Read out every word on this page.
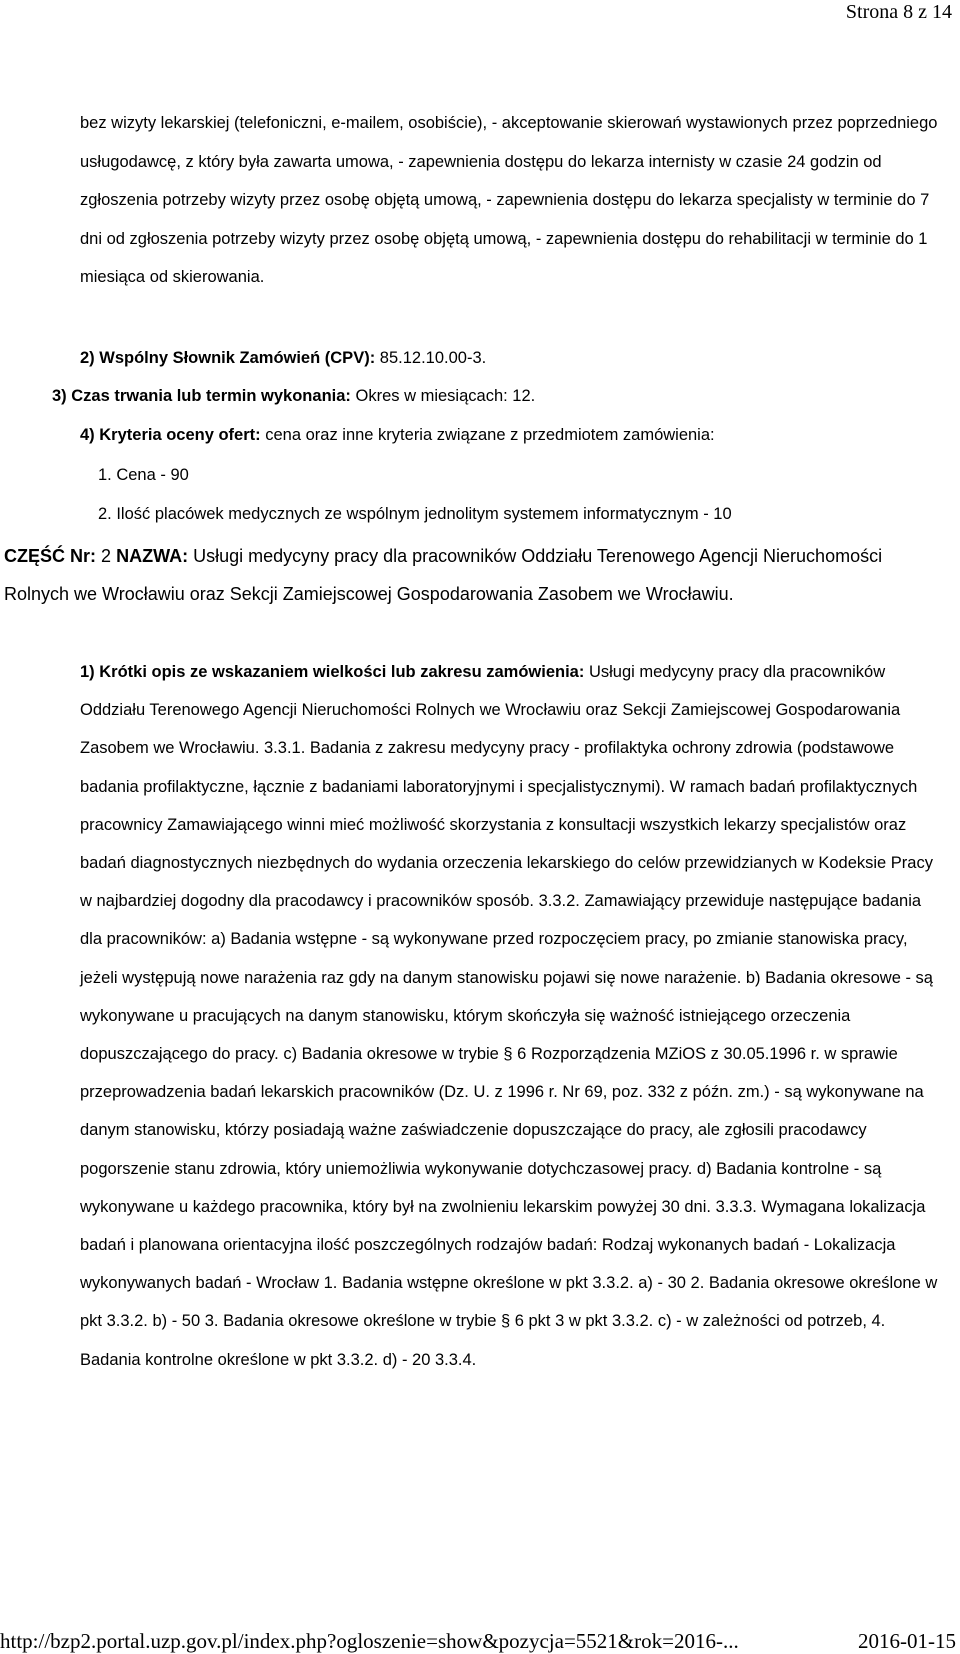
Strona 8 z 14
bez wizyty lekarskiej (telefoniczni, e-mailem, osobiście), - akceptowanie skierowań wystawionych przez poprzedniego usługodawcę, z który była zawarta umowa, - zapewnienia dostępu do lekarza internisty w czasie 24 godzin od zgłoszenia potrzeby wizyty przez osobę objętą umową, - zapewnienia dostępu do lekarza specjalisty w terminie do 7 dni od zgłoszenia potrzeby wizyty przez osobę objętą umową, - zapewnienia dostępu do rehabilitacji w terminie do 1 miesiąca od skierowania.
2) Wspólny Słownik Zamówień (CPV): 85.12.10.00-3.
3) Czas trwania lub termin wykonania: Okres w miesiącach: 12.
4) Kryteria oceny ofert: cena oraz inne kryteria związane z przedmiotem zamówienia:
1. Cena - 90
2. Ilość placówek medycznych ze wspólnym jednolitym systemem informatycznym - 10
CZĘŚĆ Nr: 2 NAZWA: Usługi medycyny pracy dla pracowników Oddziału Terenowego Agencji Nieruchomości Rolnych we Wrocławiu oraz Sekcji Zamiejscowej Gospodarowania Zasobem we Wrocławiu.
1) Krótki opis ze wskazaniem wielkości lub zakresu zamówienia: Usługi medycyny pracy dla pracowników Oddziału Terenowego Agencji Nieruchomości Rolnych we Wrocławiu oraz Sekcji Zamiejscowej Gospodarowania Zasobem we Wrocławiu. 3.3.1. Badania z zakresu medycyny pracy - profilaktyka ochrony zdrowia (podstawowe badania profilaktyczne, łącznie z badaniami laboratoryjnymi i specjalistycznymi). W ramach badań profilaktycznych pracownicy Zamawiającego winni mieć możliwość skorzystania z konsultacji wszystkich lekarzy specjalistów oraz badań diagnostycznych niezbędnych do wydania orzeczenia lekarskiego do celów przewidzianych w Kodeksie Pracy w najbardziej dogodny dla pracodawcy i pracowników sposób. 3.3.2. Zamawiający przewiduje następujące badania dla pracowników: a) Badania wstępne - są wykonywane przed rozpoczęciem pracy, po zmianie stanowiska pracy, jeżeli występują nowe narażenia raz gdy na danym stanowisku pojawi się nowe narażenie. b) Badania okresowe - są wykonywane u pracujących na danym stanowisku, którym skończyła się ważność istniejącego orzeczenia dopuszczającego do pracy. c) Badania okresowe w trybie § 6 Rozporządzenia MZiOS z 30.05.1996 r. w sprawie przeprowadzenia badań lekarskich pracowników (Dz. U. z 1996 r. Nr 69, poz. 332 z późn. zm.) - są wykonywane na danym stanowisku, którzy posiadają ważne zaświadczenie dopuszczające do pracy, ale zgłosili pracodawcy pogorszenie stanu zdrowia, który uniemożliwia wykonywanie dotychczasowej pracy. d) Badania kontrolne - są wykonywane u każdego pracownika, który był na zwolnieniu lekarskim powyżej 30 dni. 3.3.3. Wymagana lokalizacja badań i planowana orientacyjna ilość poszczególnych rodzajów badań: Rodzaj wykonanych badań - Lokalizacja wykonywanych badań - Wrocław 1. Badania wstępne określone w pkt 3.3.2. a) - 30 2. Badania okresowe określone w pkt 3.3.2. b) - 50 3. Badania okresowe określone w trybie § 6 pkt 3 w pkt 3.3.2. c) - w zależności od potrzeb, 4. Badania kontrolne określone w pkt 3.3.2. d) - 20 3.3.4.
http://bzp2.portal.uzp.gov.pl/index.php?ogloszenie=show&pozycja=5521&rok=2016-...	2016-01-15
